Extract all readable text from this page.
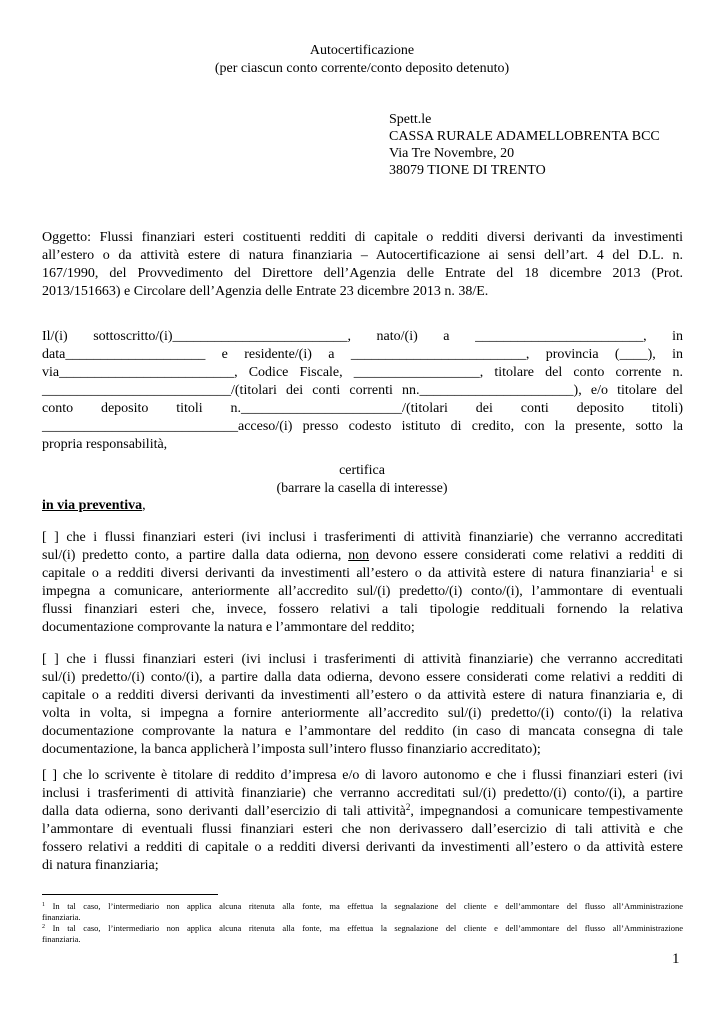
Autocertificazione
(per ciascun conto corrente/conto deposito detenuto)
Spett.le
CASSA RURALE ADAMELLOBRENTA BCC
Via Tre Novembre, 20
38079 TIONE DI TRENTO
Oggetto: Flussi finanziari esteri costituenti redditi di capitale o redditi diversi derivanti da investimenti
all’estero o da attività estere di natura finanziaria – Autocertificazione ai sensi dell’art. 4 del D.L. n.
167/1990, del Provvedimento del Direttore dell’Agenzia delle Entrate del 18 dicembre 2013 (Prot.
2013/151663) e Circolare dell’Agenzia delle Entrate 23 dicembre 2013 n. 38/E.
Il/(i) sottoscritto/(i)_________________________, nato/(i) a ________________________, in
data____________________ e residente/(i) a _________________________, provincia (____), in
via_________________________, Codice Fiscale, __________________, titolare del conto corrente n.
___________________________/(titolari dei conti correnti nn.______________________), e/o titolare del
conto deposito titoli n._______________________/(titolari dei conti deposito titoli)
____________________________acceso/(i) presso codesto istituto di credito, con la presente, sotto la
propria responsabilità,
certifica
(barrare la casella di interesse)
in via preventiva,
[ ] che i flussi finanziari esteri (ivi inclusi i trasferimenti di attività finanziarie) che verranno accreditati
sul/(i) predetto conto, a partire dalla data odierna, non devono essere considerati come relativi a redditi di
capitale o a redditi diversi derivanti da investimenti all’estero o da attività estere di natura finanziaria$^1$ e si
impegna a comunicare, anteriormente all’accredito sul/(i) predetto/(i) conto/(i), l’ammontare di eventuali
flussi finanziari esteri che, invece, fossero relativi a tali tipologie reddituali fornendo la relativa
documentazione comprovante la natura e l’ammontare del reddito;
[ ] che i flussi finanziari esteri (ivi inclusi i trasferimenti di attività finanziarie) che verranno accreditati
sul/(i) predetto/(i) conto/(i), a partire dalla data odierna, devono essere considerati come relativi a redditi di
capitale o a redditi diversi derivanti da investimenti all’estero o da attività estere di natura finanziaria e, di
volta in volta, si impegna a fornire anteriormente all’accredito sul/(i) predetto/(i) conto/(i) la relativa
documentazione comprovante la natura e l’ammontare del reddito (in caso di mancata consegna di tale
documentazione, la banca applicherà l’imposta sull’intero flusso finanziario accreditato);
[ ] che lo scrivente è titolare di reddito d’impresa e/o di lavoro autonomo e che i flussi finanziari esteri (ivi
inclusi i trasferimenti di attività finanziarie) che verranno accreditati sul/(i) predetto/(i) conto/(i), a partire
dalla data odierna, sono derivanti dall’esercizio di tali attività$^2$, impegnandosi a comunicare tempestivamente
l’ammontare di eventuali flussi finanziari esteri che non derivassero dall’esercizio di tali attività e che
fossero relativi a redditi di capitale o a redditi diversi derivanti da investimenti all’estero o da attività estere
di natura finanziaria;
$^1$ In tal caso, l’intermediario non applica alcuna ritenuta alla fonte, ma effettua la segnalazione del cliente e dell’ammontare del flusso all’Amministrazione
finanziaria.
$^2$ In tal caso, l’intermediario non applica alcuna ritenuta alla fonte, ma effettua la segnalazione del cliente e dell’ammontare del flusso all’Amministrazione
finanziaria.
1
